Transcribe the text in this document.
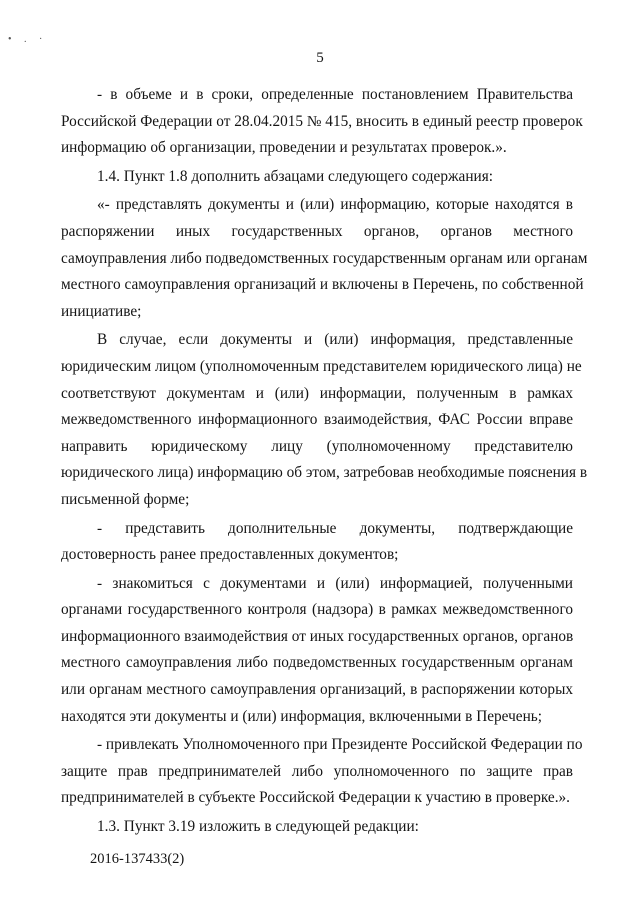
• . ·
5
- в объеме и в сроки, определенные постановлением Правительства
Российской Федерации от 28.04.2015 № 415, вносить в единый реестр проверок
информацию об организации, проведении и результатах проверок.».
1.4. Пункт 1.8 дополнить абзацами следующего содержания:
«- представлять документы и (или) информацию, которые находятся в
распоряжении иных государственных органов, органов местного
самоуправления либо подведомственных государственным органам или органам
местного самоуправления организаций и включены в Перечень, по собственной
инициативе;
В случае, если документы и (или) информация, представленные
юридическим лицом (уполномоченным представителем юридического лица) не
соответствуют документам и (или) информации, полученным в рамках
межведомственного информационного взаимодействия, ФАС России вправе
направить юридическому лицу (уполномоченному представителю
юридического лица) информацию об этом, затребовав необходимые пояснения в
письменной форме;
- представить дополнительные документы, подтверждающие
достоверность ранее предоставленных документов;
- знакомиться с документами и (или) информацией, полученными
органами государственного контроля (надзора) в рамках межведомственного
информационного взаимодействия от иных государственных органов, органов
местного самоуправления либо подведомственных государственным органам
или органам местного самоуправления организаций, в распоряжении которых
находятся эти документы и (или) информация, включенными в Перечень;
- привлекать Уполномоченного при Президенте Российской Федерации по
защите прав предпринимателей либо уполномоченного по защите прав
предпринимателей в субъекте Российской Федерации к участию в проверке.».
1.3. Пункт 3.19 изложить в следующей редакции:
2016-137433(2)
